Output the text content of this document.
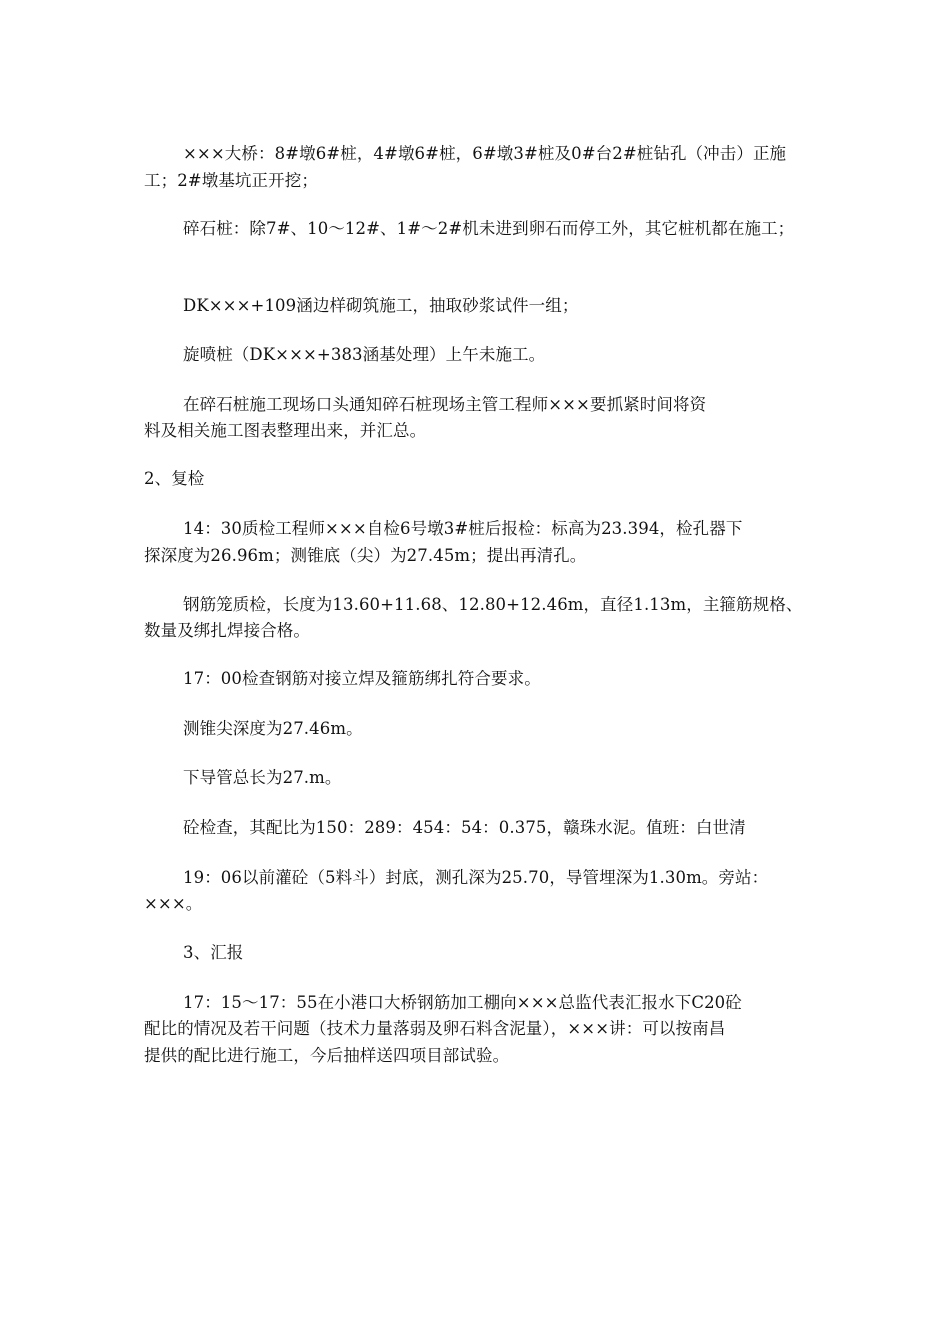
×××大桥：8#墩6#桩，4#墩6#桩，6#墩3#桩及0#台2#桩钻孔（冲击）正施
工；2#墩基坑正开挖；
碎石桩：除7#、10～12#、1#～2#机未进到卵石而停工外，其它桩机都在施工；
DK×××+109涵边样砌筑施工，抽取砂浆试件一组；
旋喷桩（DK×××+383涵基处理）上午未施工。
在碎石桩施工现场口头通知碎石桩现场主管工程师×××要抓紧时间将资
料及相关施工图表整理出来，并汇总。
2、复检
14：30质检工程师×××自检6号墩3#桩后报检：标高为23.394，检孔器下
探深度为26.96m；测锥底（尖）为27.45m；提出再清孔。
钢筋笼质检，长度为13.60+11.68、12.80+12.46m，直径1.13m，主箍筋规格、
数量及绑扎焊接合格。
17：00检查钢筋对接立焊及箍筋绑扎符合要求。
测锥尖深度为27.46m。
下导管总长为27.m。
砼检查，其配比为150：289：454：54：0.375，赣珠水泥。值班：白世清
19：06以前灌砼（5料斗）封底，测孔深为25.70，导管埋深为1.30m。旁站：
×××。
3、汇报
17：15～17：55在小港口大桥钢筋加工棚向×××总监代表汇报水下C20砼
配比的情况及若干问题（技术力量落弱及卵石料含泥量），×××讲：可以按南昌
提供的配比进行施工，今后抽样送四项目部试验。
